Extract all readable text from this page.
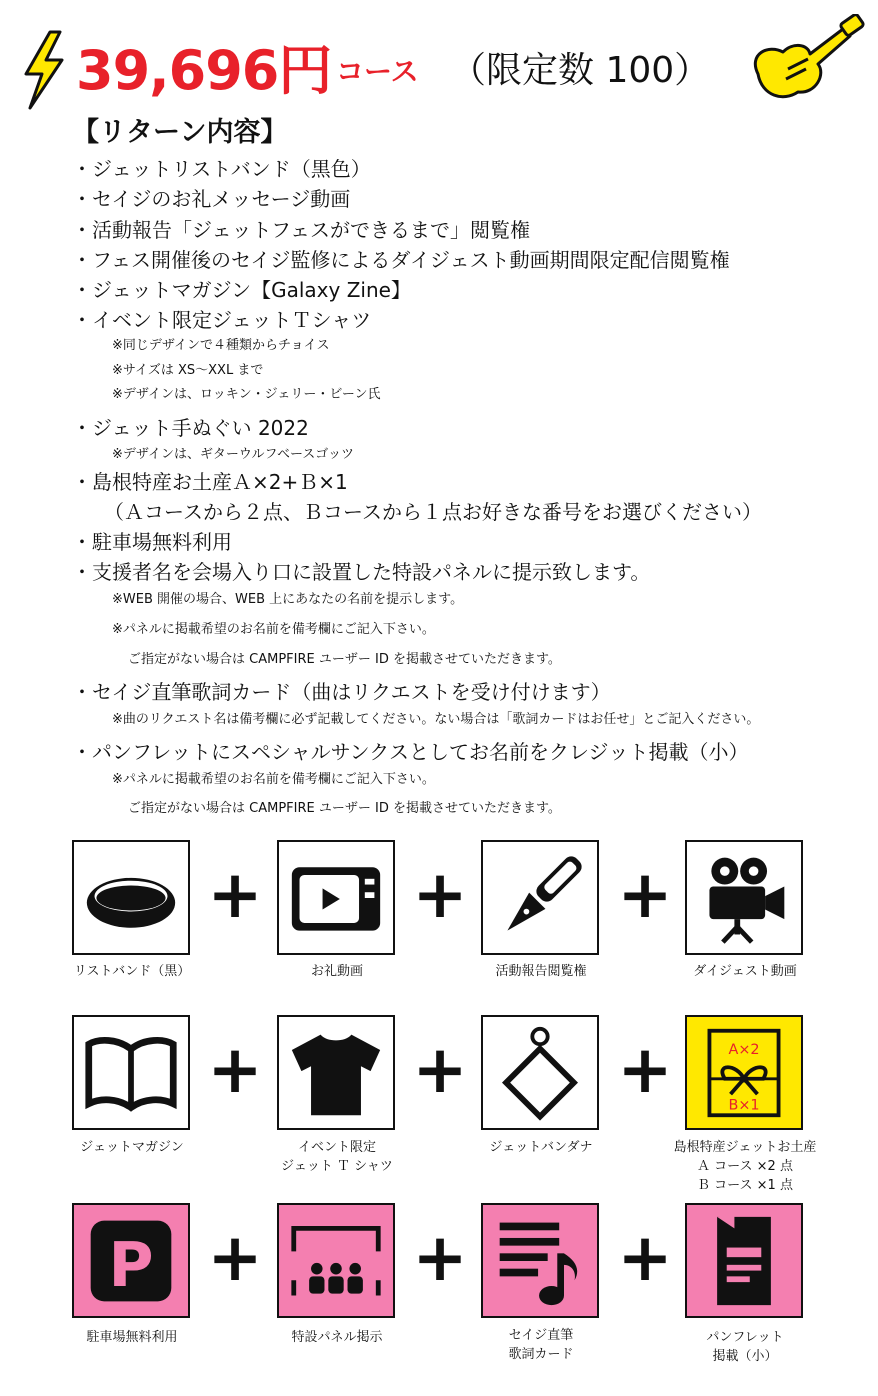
39,696円 コース （限定数 100）
【リターン内容】
・ジェットリストバンド（黒色）
・セイジのお礼メッセージ動画
・活動報告「ジェットフェスができるまで」閲覧権
・フェス開催後のセイジ監修によるダイジェスト動画期間限定配信閲覧権
・ジェットマガジン【Galaxy Zine】
・イベント限定ジェットＴシャツ
※同じデザインで４種類からチョイス
※サイズは XS〜XXL まで
※デザインは、ロッキン・ジェリー・ビーン氏
・ジェット手ぬぐい 2022
※デザインは、ギターウルフベースゴッツ
・島根特産お土産Ａ×2+Ｂ×1
（Ａコースから２点、Ｂコースから１点お好きな番号をお選びください）
・駐車場無料利用
・支援者名を会場入り口に設置した特設パネルに提示致します。
※WEB 開催の場合、WEB 上にあなたの名前を提示します。
※パネルに掲載希望のお名前を備考欄にご記入下さい。
ご指定がない場合は CAMPFIRE ユーザー ID を掲載させていただきます。
・セイジ直筆歌詞カード（曲はリクエストを受け付けます）
※曲のリクエスト名は備考欄に必ず記載してください。ない場合は「歌詞カードはお任せ」とご記入ください。
・パンフレットにスペシャルサンクスとしてお名前をクレジット掲載（小）
※パネルに掲載希望のお名前を備考欄にご記入下さい。
ご指定がない場合は CAMPFIRE ユーザー ID を掲載させていただきます。
+ + +
+ + +	A×2
B×1
P + + +
リストバンド（黒）	お礼動画	活動報告閲覧権	ダイジェスト動画
ジェットマガジン	イベント限定
ジェット Ｔ シャツ
ジェットバンダナ	島根特産ジェットお土産
Ａ コース ×2 点
Ｂ コース ×1 点
駐車場無料利用	特設パネル掲示	セイジ直筆
歌詞カード
パンフレット
掲載（小）
